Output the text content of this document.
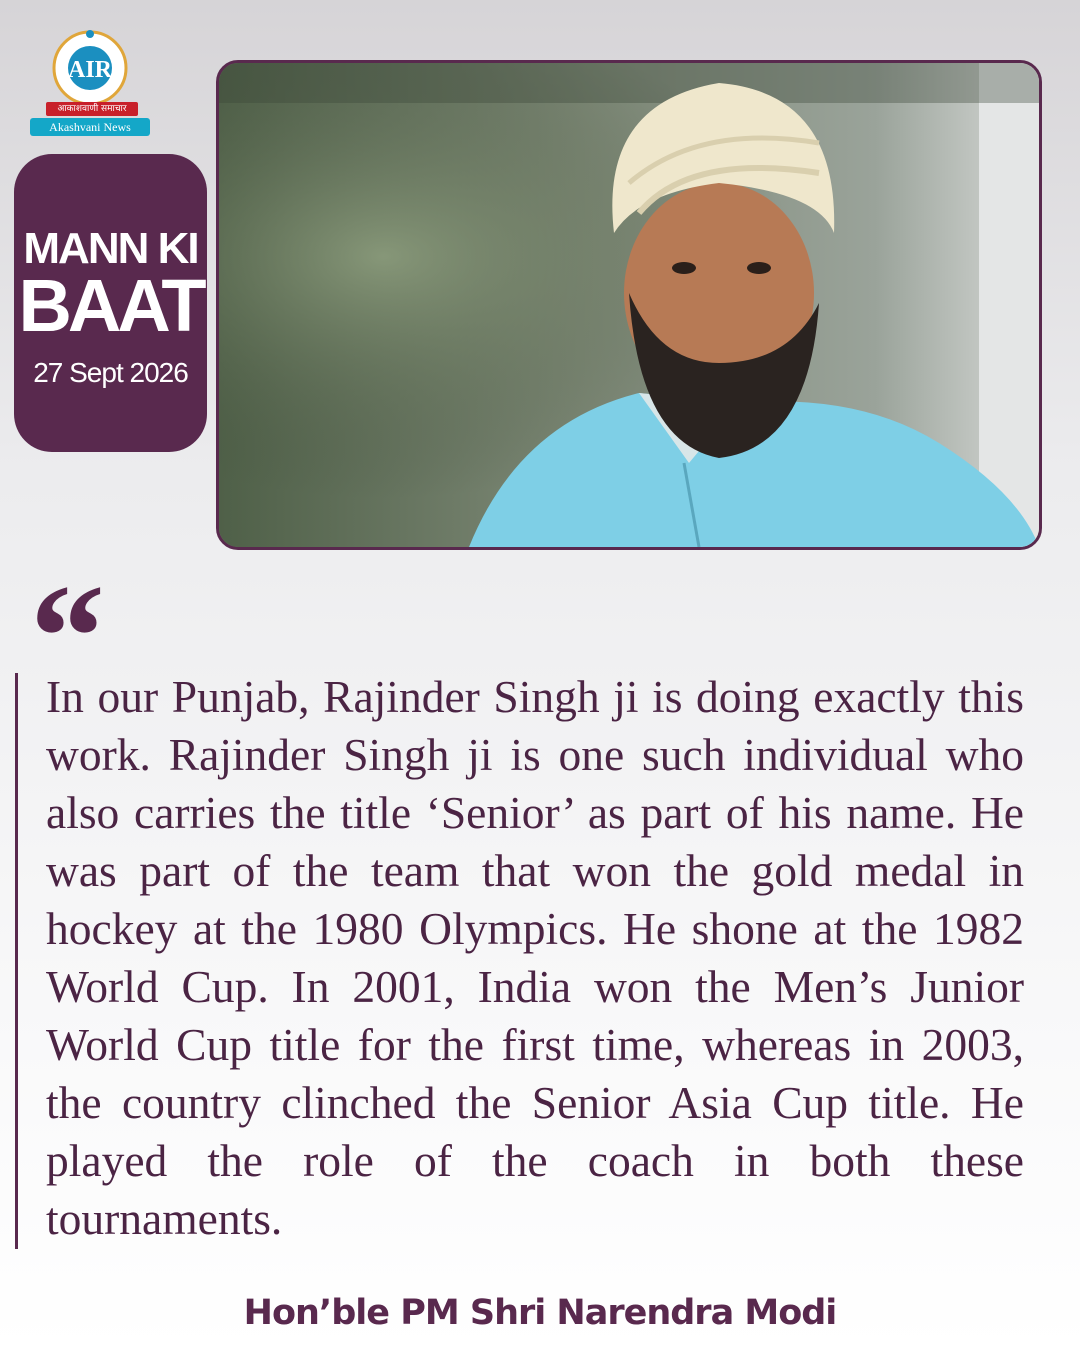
AIR
आकाशवाणी समाचार
Akashvani News
MANN KI
BAAT
27 Sept 2026
“

In our Punjab, Rajinder Singh ji is doing exactly this work. Rajinder Singh ji is one such individual who also carries the title ‘Senior’ as part of his name. He was part of the team that won the gold medal in hockey at the 1980 Olympics. He shone at the 1982 World Cup. In 2001, India won the Men’s Junior World Cup title for the first time, whereas in 2003, the country clinched the Senior Asia Cup title. He played the role of the coach in both these tournaments.

Hon’ble PM Shri Narendra Modi
